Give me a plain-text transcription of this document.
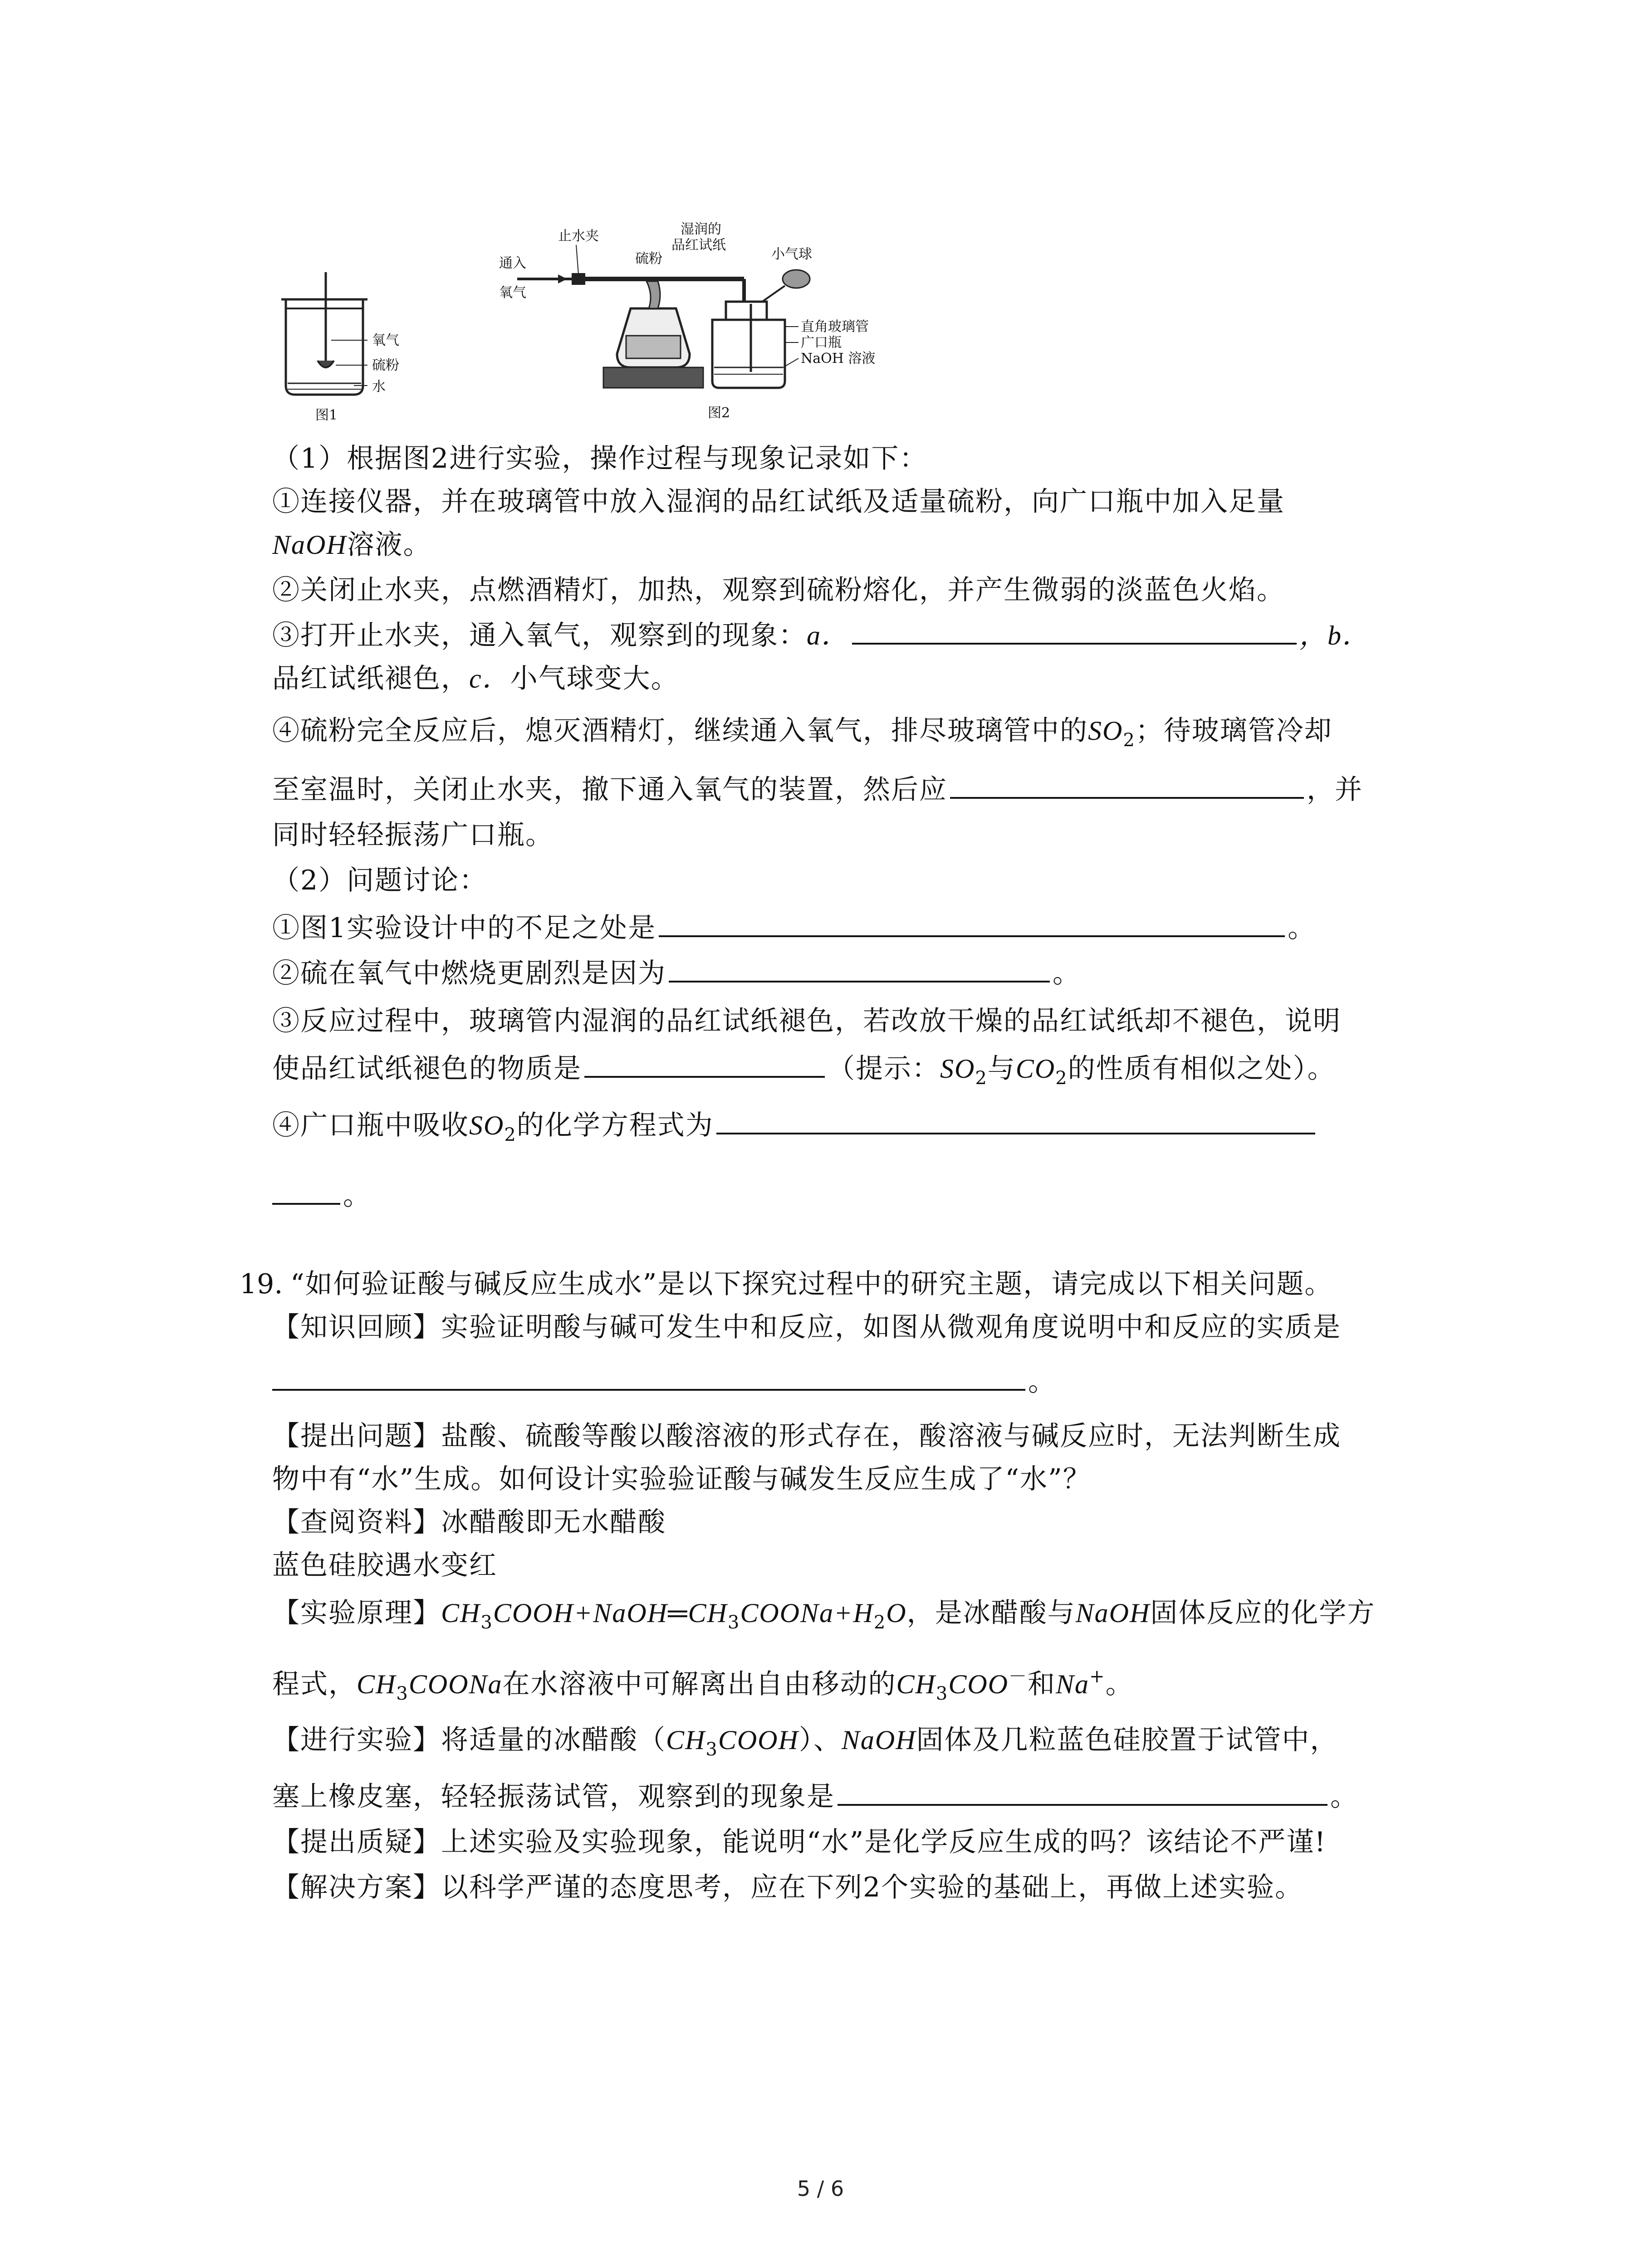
氧气
硫粉
水
图1
通入
氧气
止水夹
硫粉
湿润的
品红试纸
小气球
直角玻璃管
广口瓶
NaOH 溶液
图2
（1）根据图2进行实验，操作过程与现象记录如下：
①连接仪器，并在玻璃管中放入湿润的品红试纸及适量硫粉，向广口瓶中加入足量
NaOH溶液。
②关闭止水夹，点燃酒精灯，加热，观察到硫粉熔化，并产生微弱的淡蓝色火焰。
③打开止水夹，通入氧气，观察到的现象：a．	，b．
品红试纸褪色，c．小气球变大。
④硫粉完全反应后，熄灭酒精灯，继续通入氧气，排尽玻璃管中的$SO_2$；待玻璃管冷却
至室温时，关闭止水夹，撤下通入氧气的装置，然后应	，并
同时轻轻振荡广口瓶。
（2）问题讨论：
①图1实验设计中的不足之处是	。
②硫在氧气中燃烧更剧烈是因为	。
③反应过程中，玻璃管内湿润的品红试纸褪色，若改放干燥的品红试纸却不褪色，说明
使品红试纸褪色的物质是	（提示：$SO_2$与$CO_2$的性质有相似之处）。
④广口瓶中吸收$SO_2$的化学方程式为
。
19. “如何验证酸与碱反应生成水”是以下探究过程中的研究主题，请完成以下相关问题。
【知识回顾】实验证明酸与碱可发生中和反应，如图从微观角度说明中和反应的实质是
。
【提出问题】盐酸、硫酸等酸以酸溶液的形式存在，酸溶液与碱反应时，无法判断生成
物中有“水”生成。如何设计实验验证酸与碱发生反应生成了“水”？
【查阅资料】冰醋酸即无水醋酸
蓝色硅胶遇水变红
【实验原理】$CH_3COOH+NaOH═CH_3COONa+H_2O$，是冰醋酸与NaOH固体反应的化学方
程式，$CH_3COONa$在水溶液中可解离出自由移动的$CH_3COO^-$和Na+。
【进行实验】将适量的冰醋酸$(CH_3COOH)$、NaOH固体及几粒蓝色硅胶置于试管中，
塞上橡皮塞，轻轻振荡试管，观察到的现象是	。
【提出质疑】上述实验及实验现象，能说明“水”是化学反应生成的吗？该结论不严谨!
【解决方案】以科学严谨的态度思考，应在下列2个实验的基础上，再做上述实验。
5 / 6
